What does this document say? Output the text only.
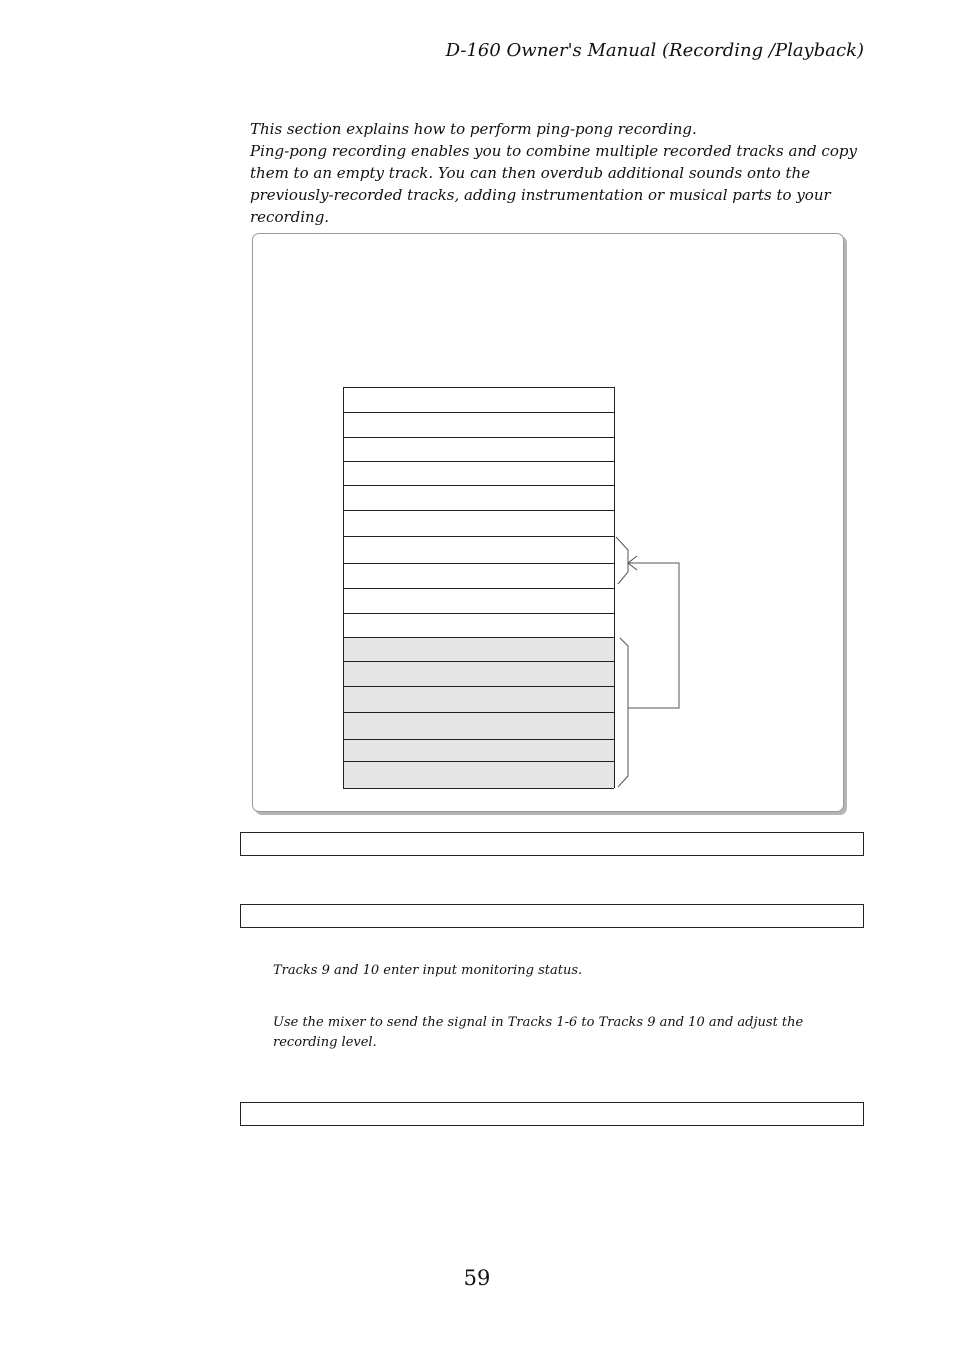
D-160 Owner's Manual (Recording /Playback)

This section explains how to perform ping-pong recording.

Ping-pong recording enables you to combine multiple recorded tracks and copy them to an empty track. You can then overdub additional sounds onto the previously-recorded tracks, adding instrumentation or musical parts to your recording.

Tracks 9 and 10 enter input monitoring status.
Use the mixer to send the signal in Tracks 1-6 to Tracks 9 and 10 and adjust the recording level.
59
